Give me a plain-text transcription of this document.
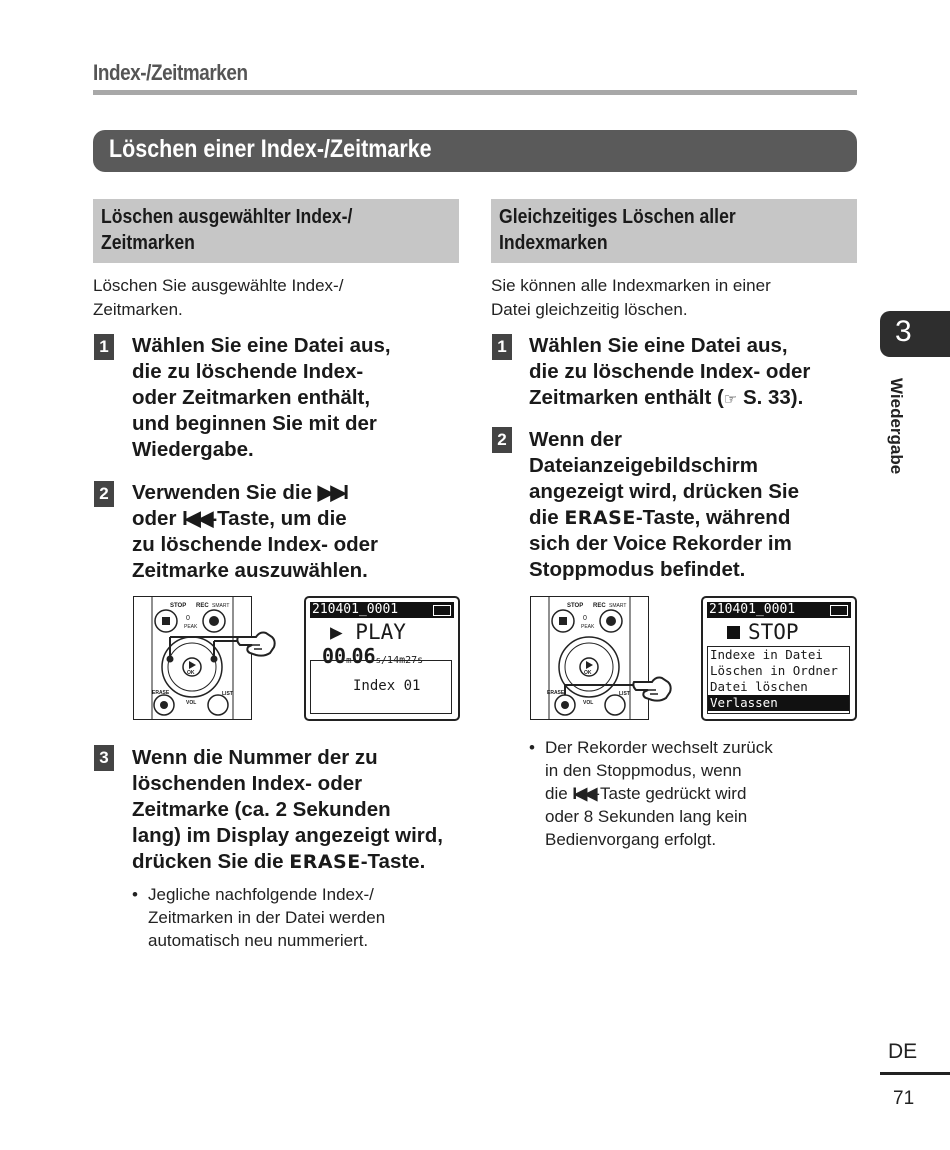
Index-/Zeitmarken
Löschen einer Index-/Zeitmarke
Löschen ausgewählter Index-/
Zeitmarken
Löschen Sie ausgewählte Index-/
Zeitmarken.
1 Wählen Sie eine Datei aus,
die zu löschende Index-
oder Zeitmarken enthält,
und beginnen Sie mit der
Wiedergabe.
2 Verwenden Sie die ▶▶I
oder I◀◀-Taste, um die
zu löschende Index- oder
Zeitmarke auszuwählen.
STOP REC SMART
0
PEAK
OK
ERASE	LIST
VOL
210401_0001
▶ PLAY
00m06s/14m27s
Index 01
3 Wenn die Nummer der zu
löschenden Index- oder
Zeitmarke (ca. 2 Sekunden
lang) im Display angezeigt wird,
drücken Sie die ERASE-Taste.
• Jegliche nachfolgende Index-/
Zeitmarken in der Datei werden
automatisch neu nummeriert.
Gleichzeitiges Löschen aller
Indexmarken
Sie können alle Indexmarken in einer
Datei gleichzeitig löschen.
1 Wählen Sie eine Datei aus,
die zu löschende Index- oder
Zeitmarken enthält (☞ S. 33).
2 Wenn der
Dateianzeigebildschirm
angezeigt wird, drücken Sie
die ERASE-Taste, während
sich der Voice Rekorder im
Stoppmodus befindet.
STOP REC SMART
0
PEAK
OK
ERASE	LIST
VOL
210401_0001
STOP
Indexe in Datei
Löschen in Ordner
Datei löschen
Verlassen
• Der Rekorder wechselt zurück
in den Stoppmodus, wenn
die I◀◀-Taste gedrückt wird
oder 8 Sekunden lang kein
Bedienvorgang erfolgt.
3
Wiedergabe
DE
71
